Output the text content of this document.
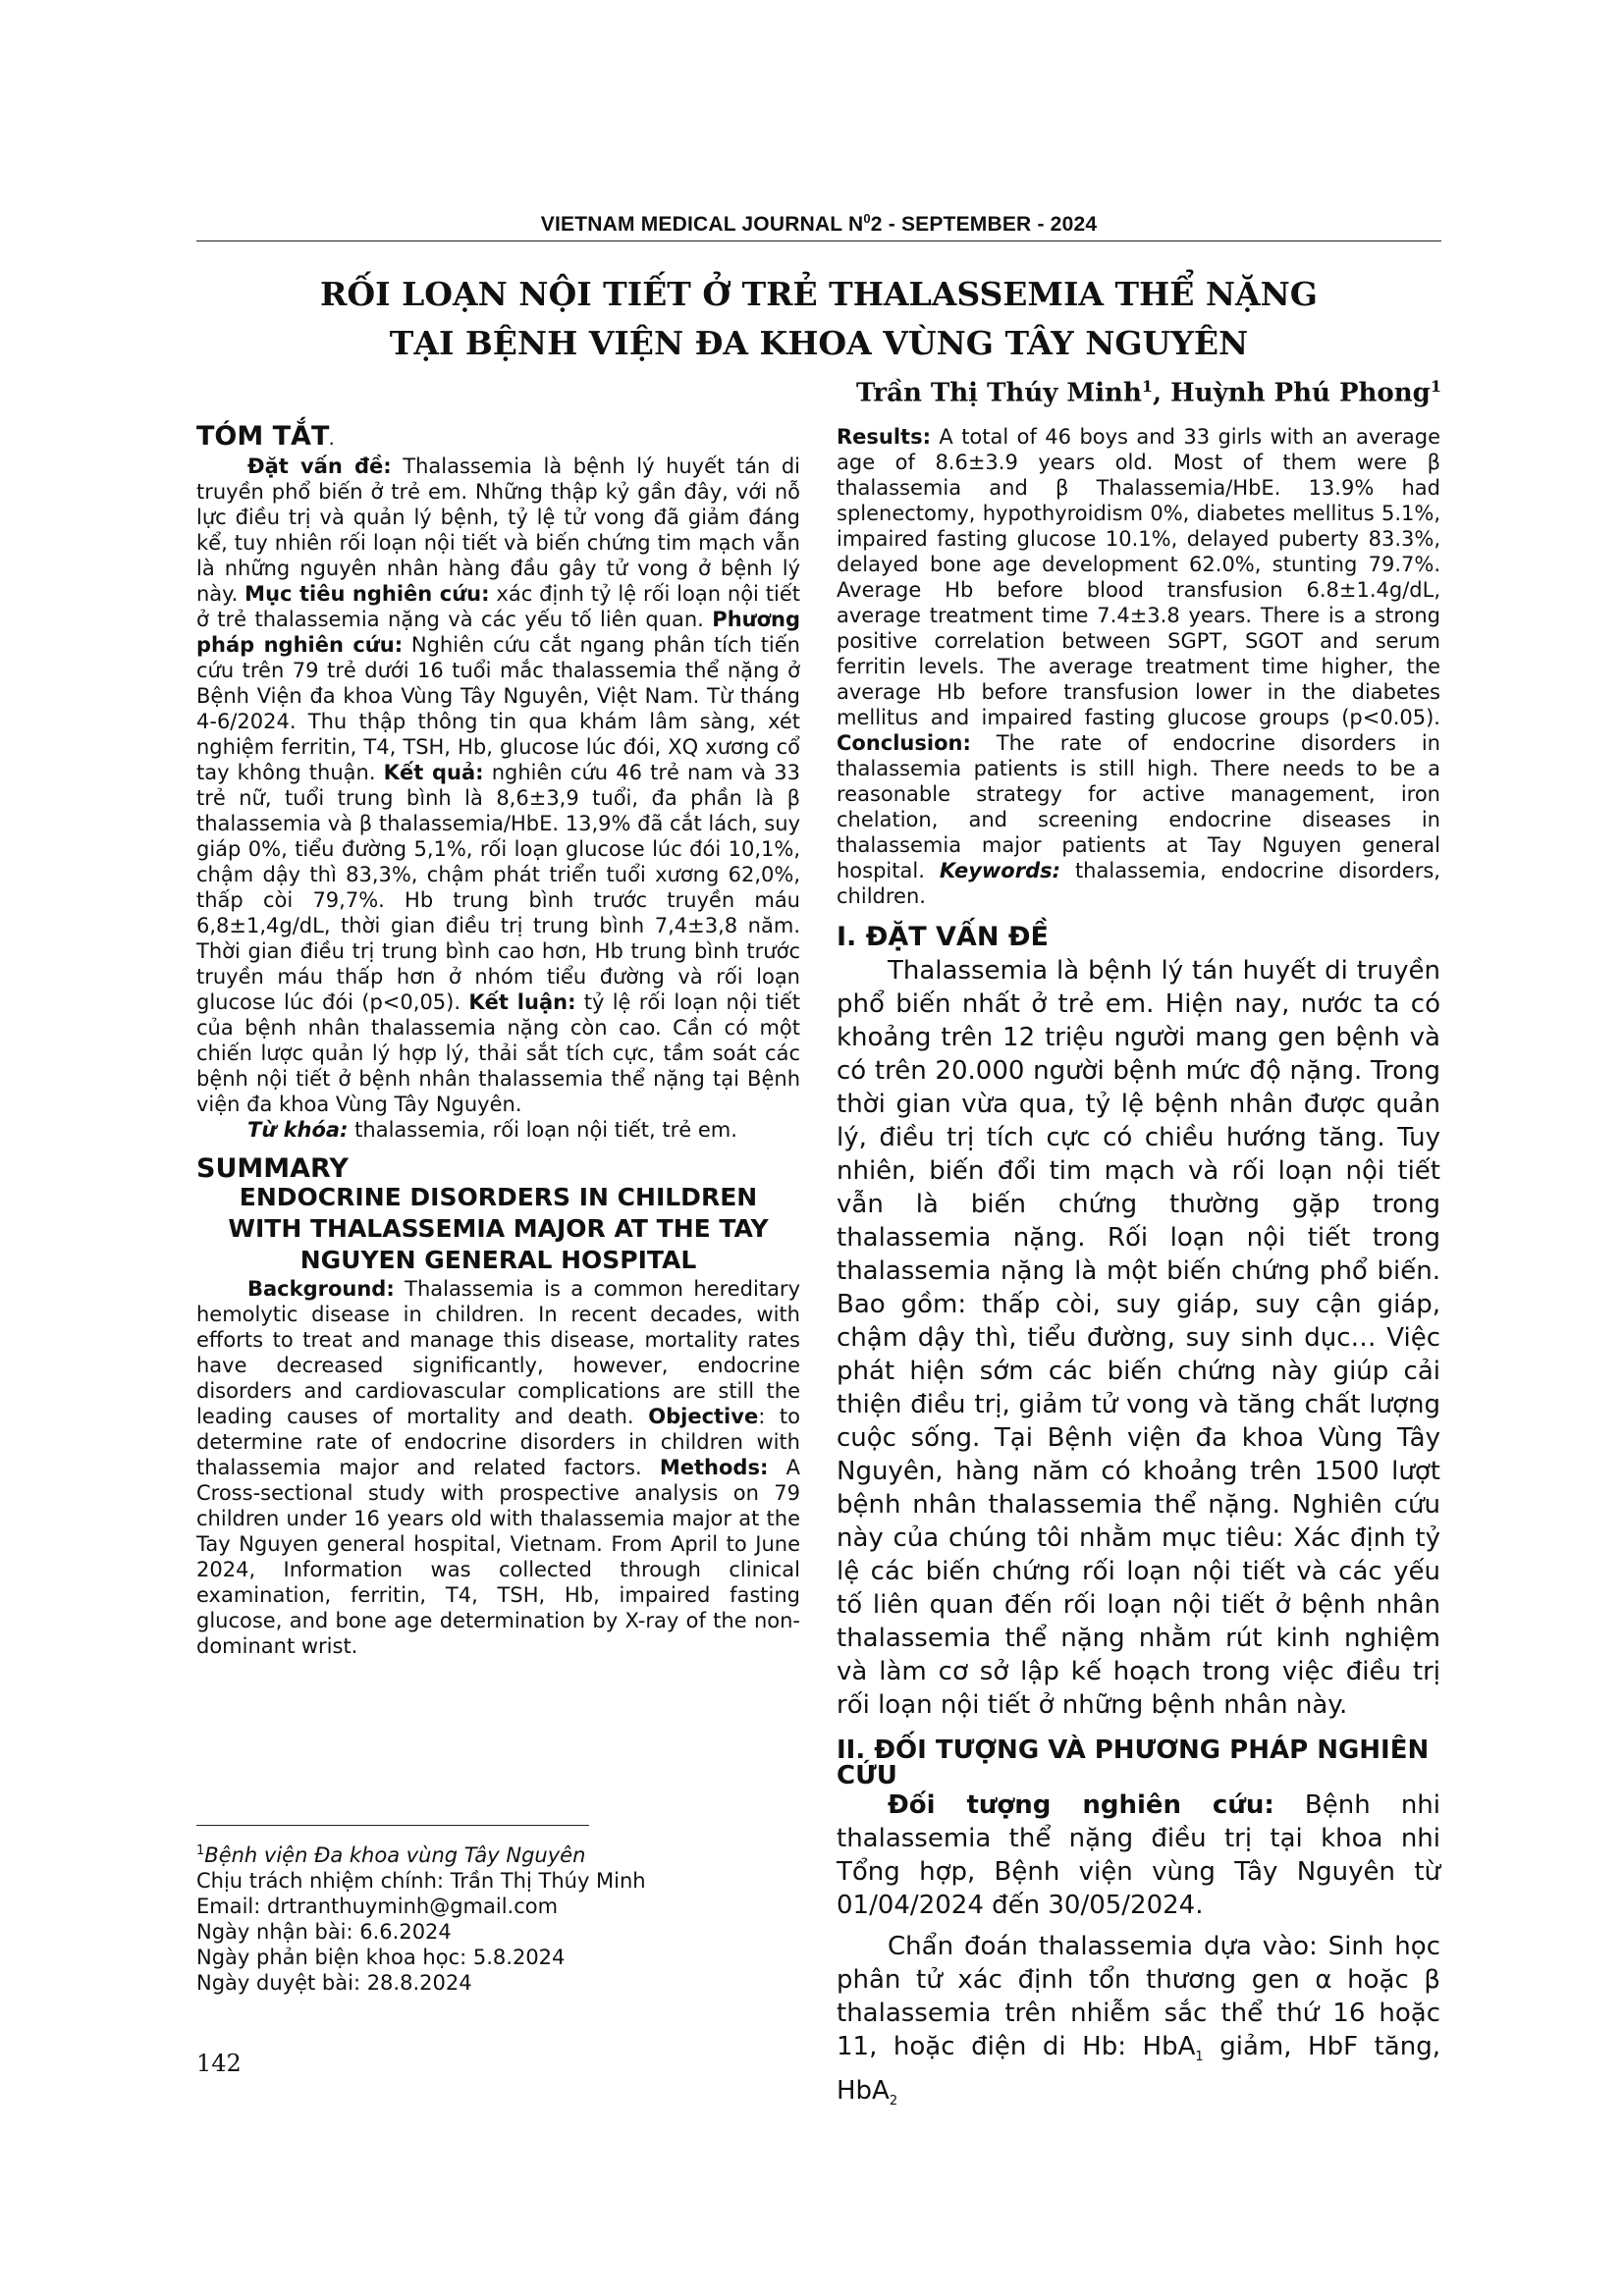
VIETNAM MEDICAL JOURNAL $N^02$ - SEPTEMBER - 2024
RỐI LOẠN NỘI TIẾT Ở TRẺ THALASSEMIA THỂ NẶNG
TẠI BỆNH VIỆN ĐA KHOA VÙNG TÂY NGUYÊN
Trần Thị Thúy Minh$^1$, Huỳnh Phú Phong$^1$

TÓM TẮT.

Đặt vấn đề: Thalassemia là bệnh lý huyết tán di truyền phổ biến ở trẻ em. Những thập kỷ gần đây, với nỗ lực điều trị và quản lý bệnh, tỷ lệ tử vong đã giảm đáng kể, tuy nhiên rối loạn nội tiết và biến chứng tim mạch vẫn là những nguyên nhân hàng đầu gây tử vong ở bệnh lý này. Mục tiêu nghiên cứu: xác định tỷ lệ rối loạn nội tiết ở trẻ thalassemia nặng và các yếu tố liên quan. Phương pháp nghiên cứu: Nghiên cứu cắt ngang phân tích tiến cứu trên 79 trẻ dưới 16 tuổi mắc thalassemia thể nặng ở Bệnh Viện đa khoa Vùng Tây Nguyên, Việt Nam. Từ tháng 4-6/2024. Thu thập thông tin qua khám lâm sàng, xét nghiệm ferritin, T4, TSH, Hb, glucose lúc đói, XQ xương cổ tay không thuận. Kết quả: nghiên cứu 46 trẻ nam và 33 trẻ nữ, tuổi trung bình là 8,6±3,9 tuổi, đa phần là β thalassemia và β thalassemia/HbE. 13,9% đã cắt lách, suy giáp 0%, tiểu đường 5,1%, rối loạn glucose lúc đói 10,1%, chậm dậy thì 83,3%, chậm phát triển tuổi xương 62,0%, thấp còi 79,7%. Hb trung bình trước truyền máu 6,8±1,4g/dL, thời gian điều trị trung bình 7,4±3,8 năm. Thời gian điều trị trung bình cao hơn, Hb trung bình trước truyền máu thấp hơn ở nhóm tiểu đường và rối loạn glucose lúc đói (p<0,05). Kết luận: tỷ lệ rối loạn nội tiết của bệnh nhân thalassemia nặng còn cao. Cần có một chiến lược quản lý hợp lý, thải sắt tích cực, tầm soát các bệnh nội tiết ở bệnh nhân thalassemia thể nặng tại Bệnh viện đa khoa Vùng Tây Nguyên.

Từ khóa: thalassemia, rối loạn nội tiết, trẻ em.

SUMMARY

ENDOCRINE DISORDERS IN CHILDREN WITH THALASSEMIA MAJOR AT THE TAY NGUYEN GENERAL HOSPITAL

Background: Thalassemia is a common hereditary hemolytic disease in children. In recent decades, with efforts to treat and manage this disease, mortality rates have decreased significantly, however, endocrine disorders and cardiovascular complications are still the leading causes of mortality and death. Objective: to determine rate of endocrine disorders in children with thalassemia major and related factors. Methods: A Cross-sectional study with prospective analysis on 79 children under 16 years old with thalassemia major at the Tay Nguyen general hospital, Vietnam. From April to June 2024, Information was collected through clinical examination, ferritin, T4, TSH, Hb, impaired fasting glucose, and bone age determination by X-ray of the non-dominant wrist.

$^1$Bệnh viện Đa khoa vùng Tây Nguyên
Chịu trách nhiệm chính: Trần Thị Thúy Minh
Email: drtranthuyminh@gmail.com
Ngày nhận bài: 6.6.2024
Ngày phản biện khoa học: 5.8.2024
Ngày duyệt bài: 28.8.2024
142

Results: A total of 46 boys and 33 girls with an average age of 8.6±3.9 years old. Most of them were β thalassemia and β Thalassemia/HbE. 13.9% had splenectomy, hypothyroidism 0%, diabetes mellitus 5.1%, impaired fasting glucose 10.1%, delayed puberty 83.3%, delayed bone age development 62.0%, stunting 79.7%. Average Hb before blood transfusion 6.8±1.4g/dL, average treatment time 7.4±3.8 years. There is a strong positive correlation between SGPT, SGOT and serum ferritin levels. The average treatment time higher, the average Hb before transfusion lower in the diabetes mellitus and impaired fasting glucose groups (p<0.05). Conclusion: The rate of endocrine disorders in thalassemia patients is still high. There needs to be a reasonable strategy for active management, iron chelation, and screening endocrine diseases in thalassemia major patients at Tay Nguyen general hospital. Keywords: thalassemia, endocrine disorders, children.

I. ĐẶT VẤN ĐỀ

Thalassemia là bệnh lý tán huyết di truyền phổ biến nhất ở trẻ em. Hiện nay, nước ta có khoảng trên 12 triệu người mang gen bệnh và có trên 20.000 người bệnh mức độ nặng. Trong thời gian vừa qua, tỷ lệ bệnh nhân được quản lý, điều trị tích cực có chiều hướng tăng. Tuy nhiên, biến đổi tim mạch và rối loạn nội tiết vẫn là biến chứng thường gặp trong thalassemia nặng. Rối loạn nội tiết trong thalassemia nặng là một biến chứng phổ biến. Bao gồm: thấp còi, suy giáp, suy cận giáp, chậm dậy thì, tiểu đường, suy sinh dục… Việc phát hiện sớm các biến chứng này giúp cải thiện điều trị, giảm tử vong và tăng chất lượng cuộc sống. Tại Bệnh viện đa khoa Vùng Tây Nguyên, hàng năm có khoảng trên 1500 lượt bệnh nhân thalassemia thể nặng. Nghiên cứu này của chúng tôi nhằm mục tiêu: Xác định tỷ lệ các biến chứng rối loạn nội tiết và các yếu tố liên quan đến rối loạn nội tiết ở bệnh nhân thalassemia thể nặng nhằm rút kinh nghiệm và làm cơ sở lập kế hoạch trong việc điều trị rối loạn nội tiết ở những bệnh nhân này.

II. ĐỐI TƯỢNG VÀ PHƯƠNG PHÁP NGHIÊN CỨU

Đối tượng nghiên cứu: Bệnh nhi thalassemia thể nặng điều trị tại khoa nhi Tổng hợp, Bệnh viện vùng Tây Nguyên từ 01/04/2024 đến 30/05/2024.

Chẩn đoán thalassemia dựa vào: Sinh học phân tử xác định tổn thương gen α hoặc β thalassemia trên nhiễm sắc thể thứ 16 hoặc 11, hoặc điện di Hb: HbA$_1$ giảm, HbF tăng, HbA$_2$
